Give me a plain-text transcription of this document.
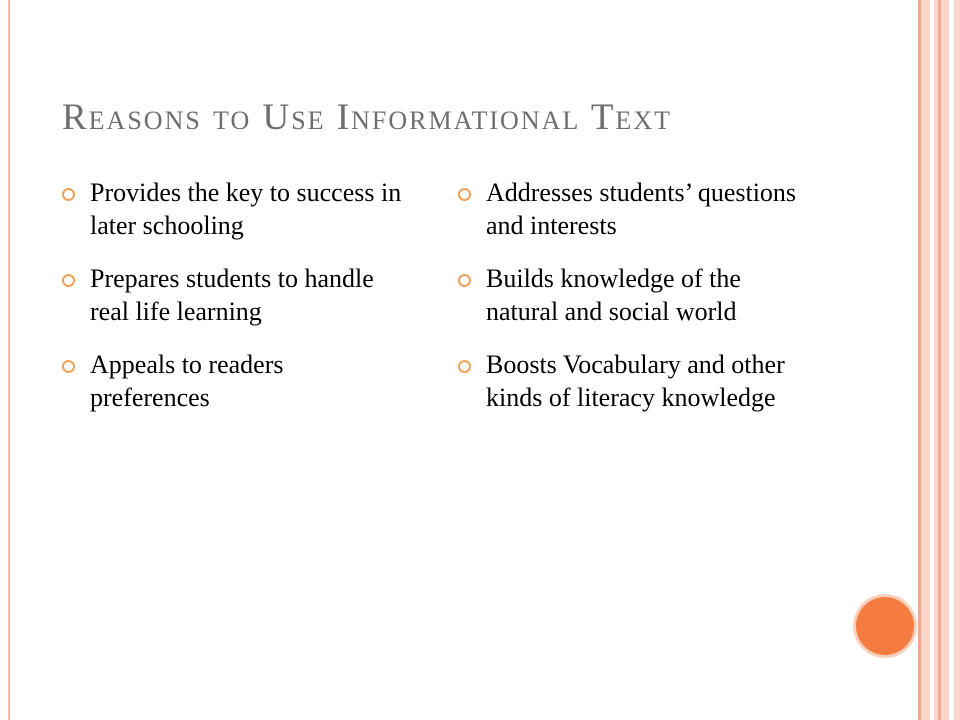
Reasons to Use Informational Text
Provides the key to success in later schooling
Prepares students to handle real life learning
Appeals to readers preferences
Addresses students’ questions and interests
Builds knowledge of the natural and social world
Boosts Vocabulary and other kinds of literacy knowledge
